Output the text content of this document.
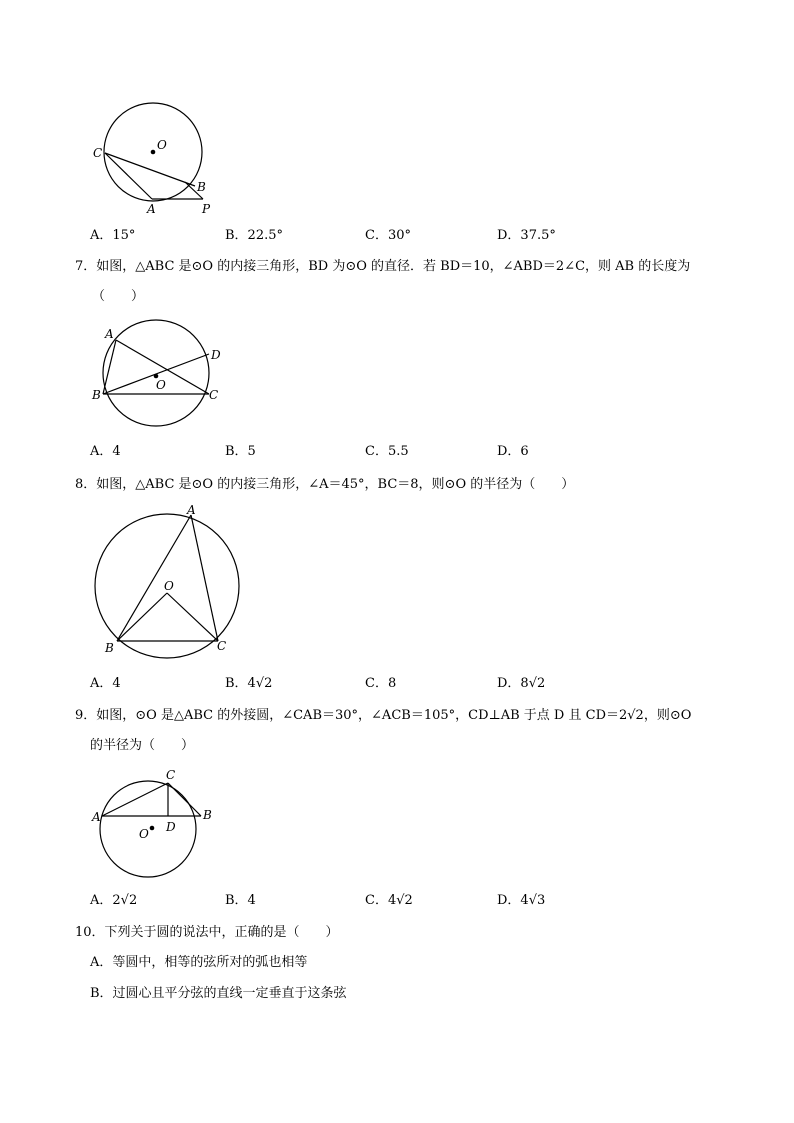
C
O
B
A	P
A．15°	B．22.5°	C．30°	D．37.5°
7．如图，△ABC 是⊙O 的内接三角形，BD 为⊙O 的直径．若 BD＝10，∠ABD＝2∠C，则 AB 的长度为
（　　）
A
D
B
O
C
A．4	B．5	C．5.5	D．6
8．如图，△ABC 是⊙O 的内接三角形，∠A＝45°，BC＝8，则⊙O 的半径为（　　）
A
O
B	C
A．4	B．4√2	C．8	D．8√2
9．如图，⊙O 是△ABC 的外接圆，∠CAB＝30°，∠ACB＝105°，CD⊥AB 于点 D 且 CD＝2√2，则⊙O
的半径为（　　）
C
A	B
D
O
A．2√2	B．4	C．4√2	D．4√3
10．下列关于圆的说法中，正确的是（　　）
A．等圆中，相等的弦所对的弧也相等
B．过圆心且平分弦的直线一定垂直于这条弦
